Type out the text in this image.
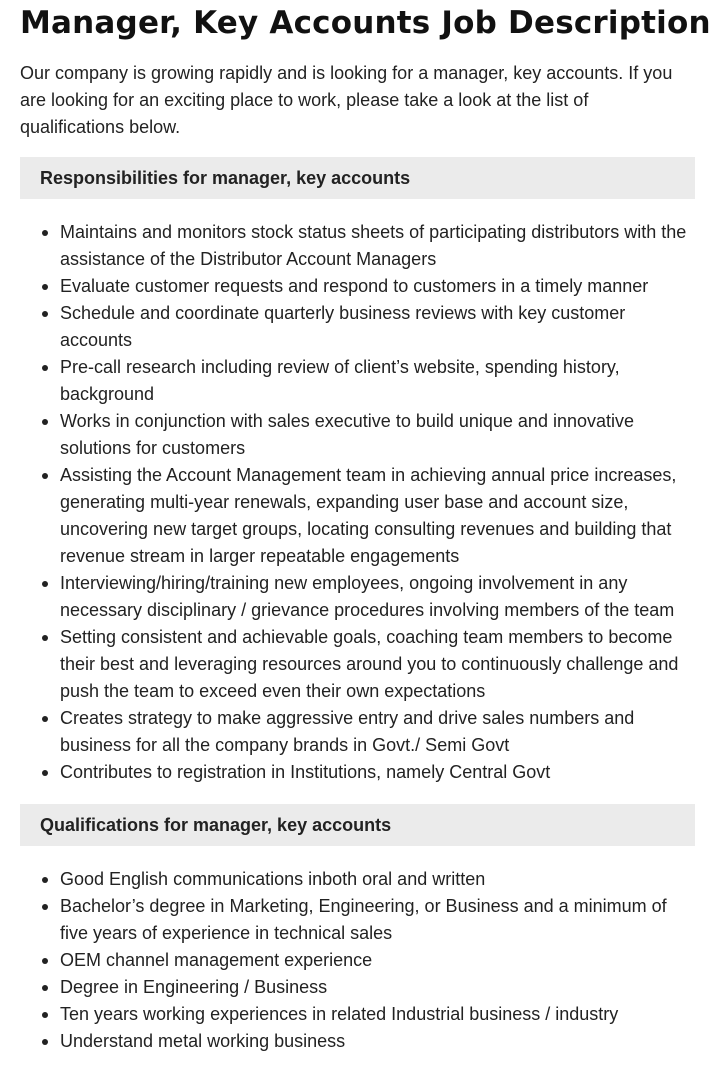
Manager, Key Accounts Job Description

Our company is growing rapidly and is looking for a manager, key accounts. If you are looking for an exciting place to work, please take a look at the list of qualifications below.

Responsibilities for manager, key accounts
Maintains and monitors stock status sheets of participating distributors with the assistance of the Distributor Account Managers
Evaluate customer requests and respond to customers in a timely manner
Schedule and coordinate quarterly business reviews with key customer accounts
Pre-call research including review of client’s website, spending history, background
Works in conjunction with sales executive to build unique and innovative solutions for customers
Assisting the Account Management team in achieving annual price increases, generating multi-year renewals, expanding user base and account size, uncovering new target groups, locating consulting revenues and building that revenue stream in larger repeatable engagements
Interviewing/hiring/training new employees, ongoing involvement in any necessary disciplinary / grievance procedures involving members of the team
Setting consistent and achievable goals, coaching team members to become their best and leveraging resources around you to continuously challenge and push the team to exceed even their own expectations
Creates strategy to make aggressive entry and drive sales numbers and business for all the company brands in Govt./ Semi Govt
Contributes to registration in Institutions, namely Central Govt
Qualifications for manager, key accounts
Good English communications inboth oral and written
Bachelor’s degree in Marketing, Engineering, or Business and a minimum of five years of experience in technical sales
OEM channel management experience
Degree in Engineering / Business
Ten years working experiences in related Industrial business / industry
Understand metal working business
